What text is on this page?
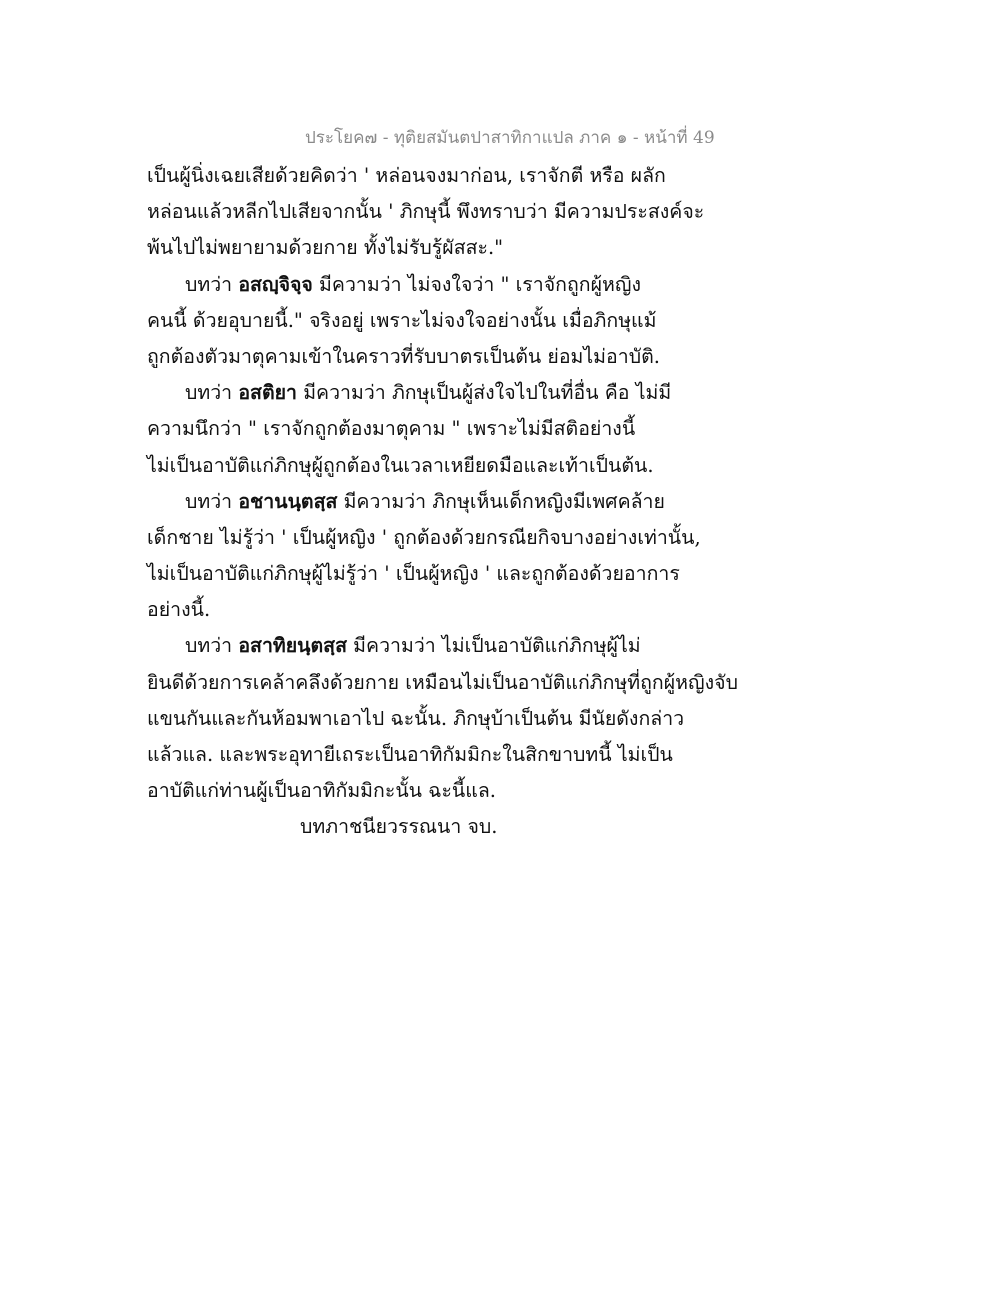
ประโยค๗ - ทุติยสมันตปาสาทิกาแปล ภาค ๑ - หน้าที่ 49
เป็นผู้นิ่งเฉยเสียด้วยคิดว่า ' หล่อนจงมาก่อน, เราจักตี หรือ ผลัก
หล่อนแล้วหลีกไปเสียจากนั้น ' ภิกษุนี้ พึงทราบว่า มีความประสงค์จะ
พ้นไปไม่พยายามด้วยกาย ทั้งไม่รับรู้ผัสสะ."
บทว่า อสญฺจิจฺจ มีความว่า ไม่จงใจว่า " เราจักถูกผู้หญิง
คนนี้ ด้วยอุบายนี้." จริงอยู่ เพราะไม่จงใจอย่างนั้น เมื่อภิกษุแม้
ถูกต้องตัวมาตุคามเข้าในคราวที่รับบาตรเป็นต้น ย่อมไม่อาบัติ.
บทว่า อสติยา มีความว่า ภิกษุเป็นผู้ส่งใจไปในที่อื่น คือ ไม่มี
ความนึกว่า " เราจักถูกต้องมาตุคาม " เพราะไม่มีสติอย่างนี้
ไม่เป็นอาบัติแก่ภิกษุผู้ถูกต้องในเวลาเหยียดมือและเท้าเป็นต้น.
บทว่า อชานนฺตสฺส มีความว่า ภิกษุเห็นเด็กหญิงมีเพศคล้าย
เด็กชาย ไม่รู้ว่า ' เป็นผู้หญิง ' ถูกต้องด้วยกรณียกิจบางอย่างเท่านั้น,
ไม่เป็นอาบัติแก่ภิกษุผู้ไม่รู้ว่า ' เป็นผู้หญิง ' และถูกต้องด้วยอาการ
อย่างนี้.
บทว่า อสาทิยนฺตสฺส มีความว่า ไม่เป็นอาบัติแก่ภิกษุผู้ไม่
ยินดีด้วยการเคล้าคลึงด้วยกาย เหมือนไม่เป็นอาบัติแก่ภิกษุที่ถูกผู้หญิงจับ
แขนกันและกันห้อมพาเอาไป ฉะนั้น. ภิกษุบ้าเป็นต้น มีนัยดังกล่าว
แล้วแล. และพระอุทายีเถระเป็นอาทิกัมมิกะในสิกขาบทนี้ ไม่เป็น
อาบัติแก่ท่านผู้เป็นอาทิกัมมิกะนั้น ฉะนี้แล.
บทภาชนียวรรณนา จบ.
